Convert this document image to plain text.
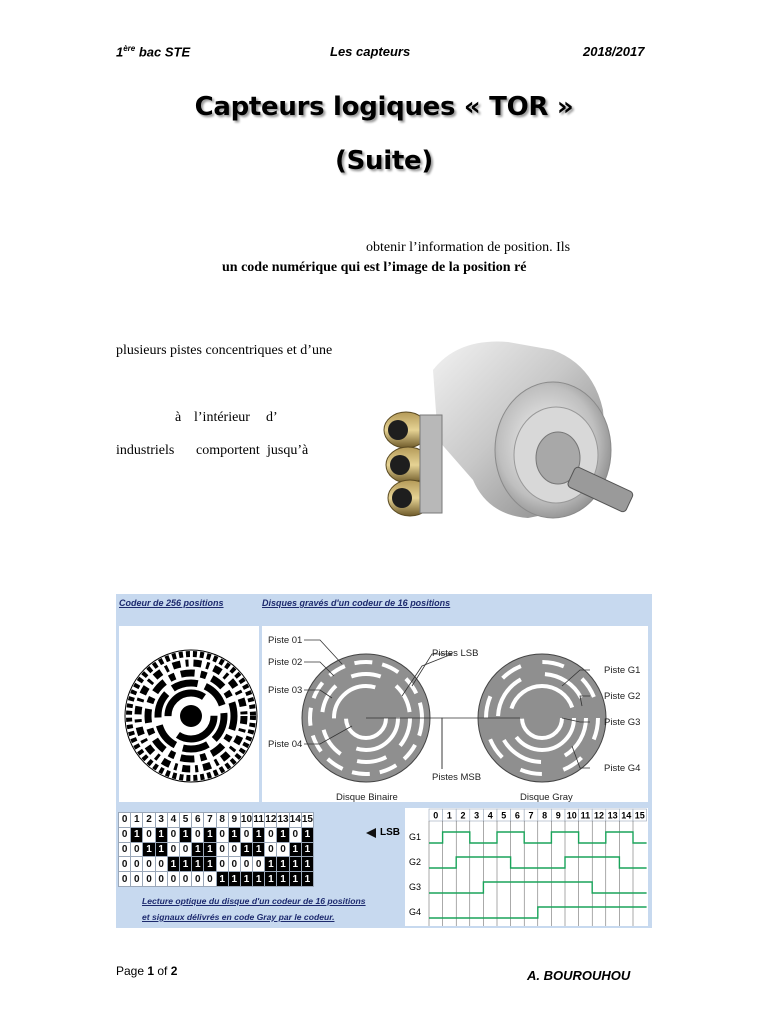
1ère bac STE	Les capteurs	2018/2017
Capteurs logiques « TOR »
(Suite)
obtenir l’information de position. Ils
un code numérique qui est l’image de la position ré
plusieurs pistes concentriques et d’une
à l’intérieur d’
industriels comportent jusqu’à
Codeur de 256 positions	Disques gravés d'un codeur de 16 positions
Piste 01
Piste 02
Piste 03
Piste 04
Pistes LSB
Pistes MSB
Piste G1
Piste G2
Piste G3
Piste G4
Disque Binaire	Disque Gray
0	1	2	3	4	5	6	7	8	9	10	11	12	13	14	15
0	1	0	1	0	1	0	1	0	1	0	1	0	1	0	1
0	0	1	1	0	0	1	1	0	0	1	1	0	0	1	1
0	0	0	0	1	1	1	1	0	0	0	0	1	1	1	1
0	0	0	0	0	0	0	0	1	1	1	1	1	1	1	1
LSB
Lecture optique du disque d'un codeur de 16 positions
et signaux délivrés en code Gray par le codeur.
0 1 2 3 4 5 6 7 8 9 10 11 12 13 14 15
G1
G2
G3
G4
Page 1 of 2	A. BOUROUHOU
